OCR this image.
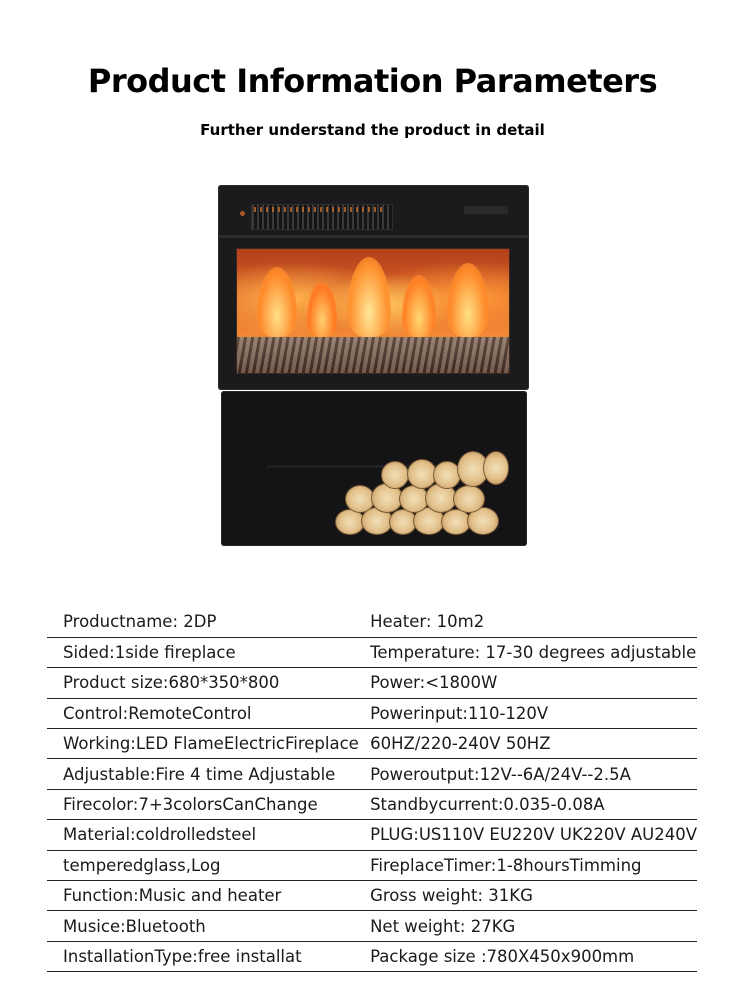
Product Information Parameters
Further understand the product in detail
Productname: 2DP	Heater: 10m2
Sided:1side fireplace	Temperature: 17-30 degrees adjustable
Product size:680*350*800	Power:<1800W
Control:RemoteControl	Powerinput:110-120V
Working:LED FlameElectricFireplace	60HZ/220-240V 50HZ
Adjustable:Fire 4 time Adjustable	Poweroutput:12V--6A/24V--2.5A
Firecolor:7+3colorsCanChange	Standbycurrent:0.035-0.08A
Material:coldrolledsteel	PLUG:US110V EU220V UK220V AU240V
temperedglass,Log	FireplaceTimer:1-8hoursTimming
Function:Music and heater	Gross weight: 31KG
Musice:Bluetooth	Net weight: 27KG
InstallationType:free installat	Package size :780X450x900mm
